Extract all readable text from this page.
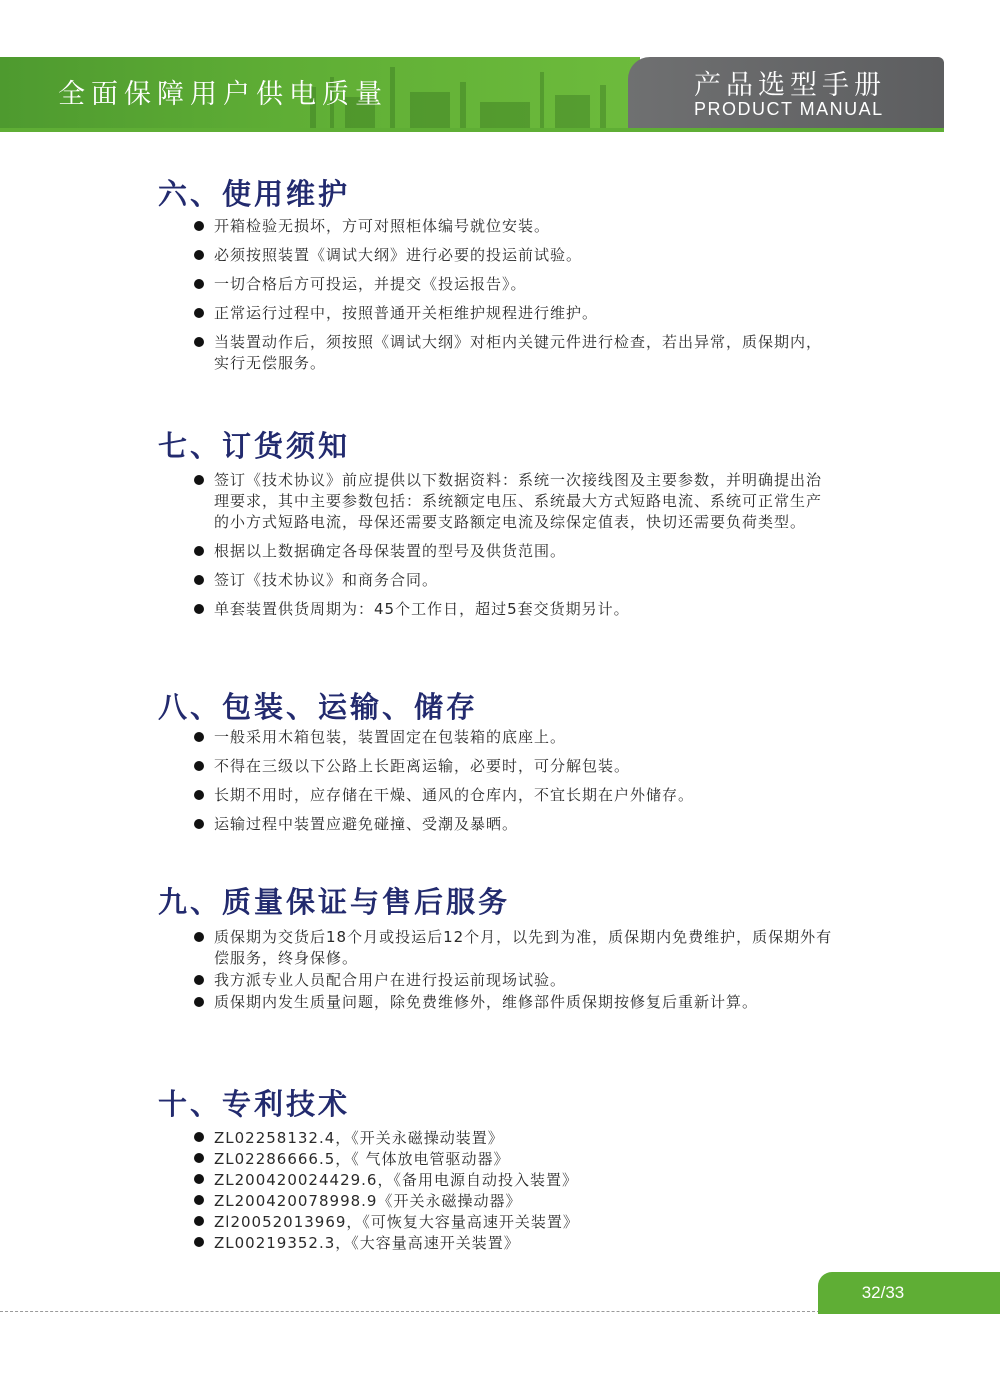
全面保障用户供电质量	产品选型手册
PRODUCT MANUAL
六、使用维护
开箱检验无损坏，方可对照柜体编号就位安装。
必须按照装置《调试大纲》进行必要的投运前试验。
一切合格后方可投运，并提交《投运报告》。
正常运行过程中，按照普通开关柜维护规程进行维护。
当装置动作后，须按照《调试大纲》对柜内关键元件进行检查，若出异常，质保期内，实行无偿服务。
七、订货须知
签订《技术协议》前应提供以下数据资料：系统一次接线图及主要参数，并明确提出治理要求，其中主要参数包括：系统额定电压、系统最大方式短路电流、系统可正常生产的小方式短路电流，母保还需要支路额定电流及综保定值表，快切还需要负荷类型。
根据以上数据确定各母保装置的型号及供货范围。
签订《技术协议》和商务合同。
单套装置供货周期为：45个工作日，超过5套交货期另计。
八、包装、运输、储存
一般采用木箱包装，装置固定在包装箱的底座上。
不得在三级以下公路上长距离运输，必要时，可分解包装。
长期不用时，应存储在干燥、通风的仓库内，不宜长期在户外储存。
运输过程中装置应避免碰撞、受潮及暴晒。
九、质量保证与售后服务
质保期为交货后18个月或投运后12个月，以先到为准，质保期内免费维护，质保期外有偿服务，终身保修。
我方派专业人员配合用户在进行投运前现场试验。
质保期内发生质量问题，除免费维修外，维修部件质保期按修复后重新计算。
十、专利技术
ZL02258132.4，《开关永磁操动装置》
ZL02286666.5，《 气体放电管驱动器》
ZL200420024429.6，《备用电源自动投入装置》
ZL200420078998.9《开关永磁操动器》
Zl20052013969，《可恢复大容量高速开关装置》
ZL00219352.3，《大容量高速开关装置》
32/33
